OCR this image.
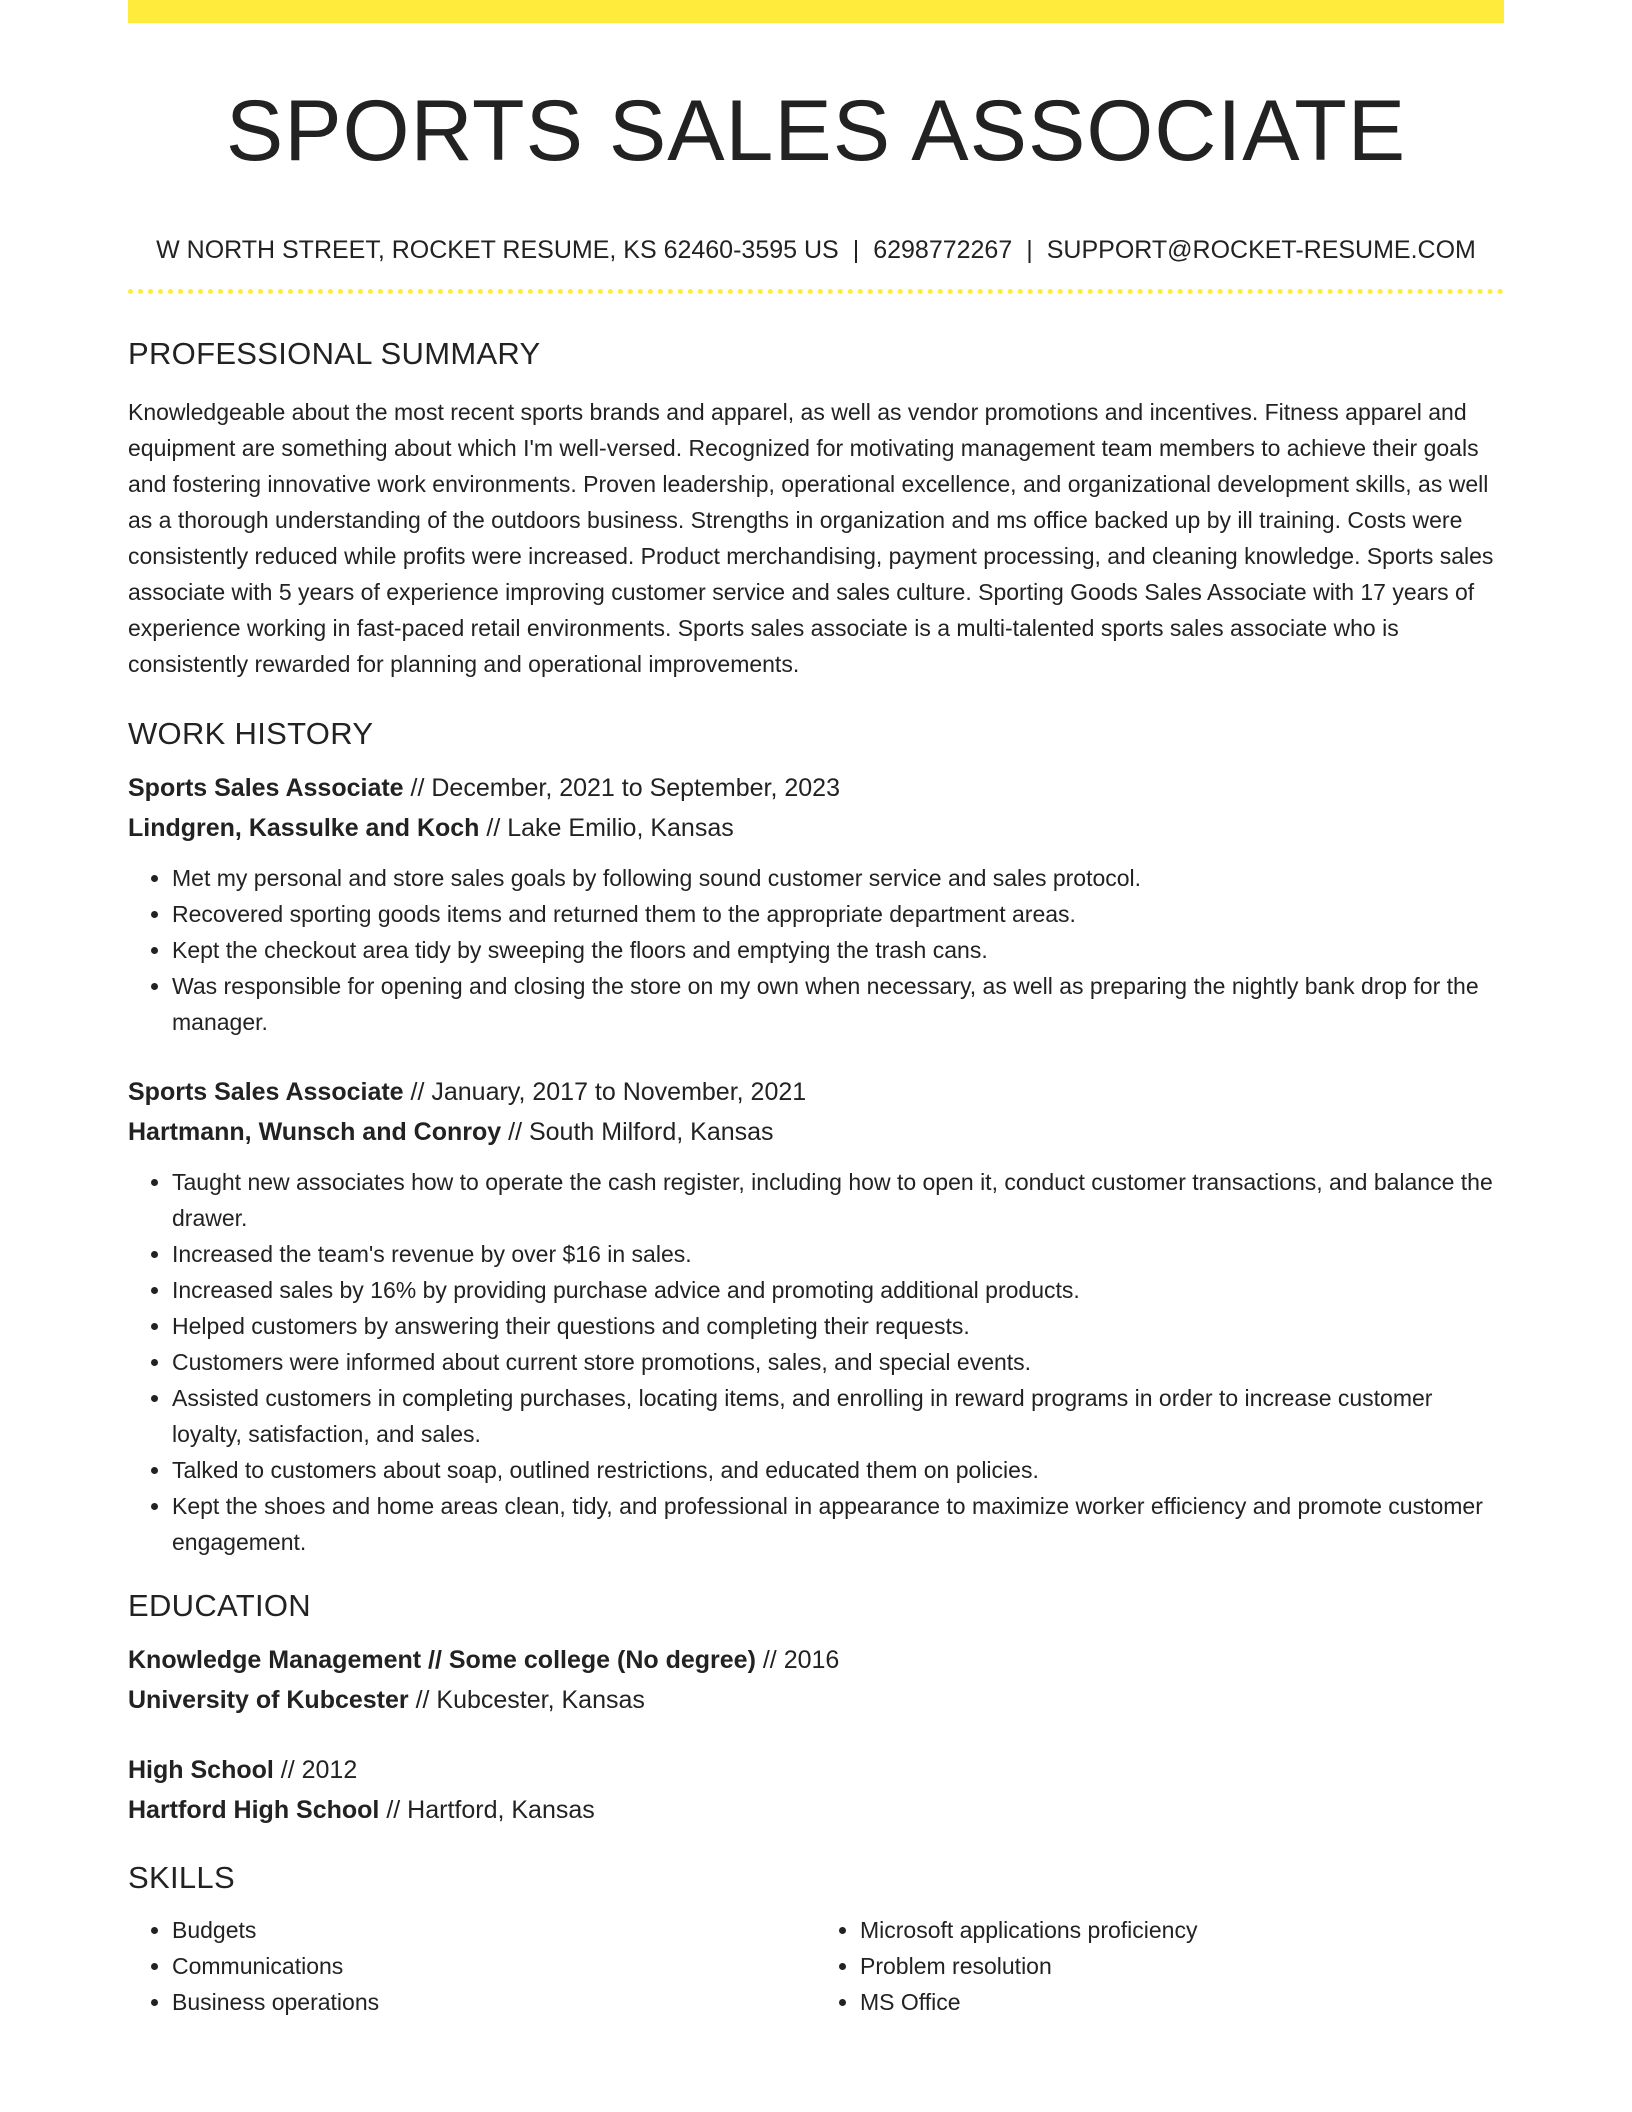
SPORTS SALES ASSOCIATE
W NORTH STREET, ROCKET RESUME, KS 62460-3595 US | 6298772267 | SUPPORT@ROCKET-RESUME.COM
PROFESSIONAL SUMMARY
Knowledgeable about the most recent sports brands and apparel, as well as vendor promotions and incentives. Fitness apparel and equipment are something about which I'm well-versed. Recognized for motivating management team members to achieve their goals and fostering innovative work environments. Proven leadership, operational excellence, and organizational development skills, as well as a thorough understanding of the outdoors business. Strengths in organization and ms office backed up by ill training. Costs were consistently reduced while profits were increased. Product merchandising, payment processing, and cleaning knowledge. Sports sales associate with 5 years of experience improving customer service and sales culture. Sporting Goods Sales Associate with 17 years of experience working in fast-paced retail environments. Sports sales associate is a multi-talented sports sales associate who is consistently rewarded for planning and operational improvements.
WORK HISTORY
Sports Sales Associate // December, 2021 to September, 2023
Lindgren, Kassulke and Koch // Lake Emilio, Kansas
• Met my personal and store sales goals by following sound customer service and sales protocol.
• Recovered sporting goods items and returned them to the appropriate department areas.
• Kept the checkout area tidy by sweeping the floors and emptying the trash cans.
• Was responsible for opening and closing the store on my own when necessary, as well as preparing the nightly bank drop for the manager.
Sports Sales Associate // January, 2017 to November, 2021
Hartmann, Wunsch and Conroy // South Milford, Kansas
• Taught new associates how to operate the cash register, including how to open it, conduct customer transactions, and balance the drawer.
• Increased the team's revenue by over $16 in sales.
• Increased sales by 16% by providing purchase advice and promoting additional products.
• Helped customers by answering their questions and completing their requests.
• Customers were informed about current store promotions, sales, and special events.
• Assisted customers in completing purchases, locating items, and enrolling in reward programs in order to increase customer loyalty, satisfaction, and sales.
• Talked to customers about soap, outlined restrictions, and educated them on policies.
• Kept the shoes and home areas clean, tidy, and professional in appearance to maximize worker efficiency and promote customer engagement.
EDUCATION
Knowledge Management // Some college (No degree) // 2016
University of Kubcester // Kubcester, Kansas
High School // 2012
Hartford High School // Hartford, Kansas
SKILLS
• Budgets
• Communications
• Business operations
• Microsoft applications proficiency
• Problem resolution
• MS Office
